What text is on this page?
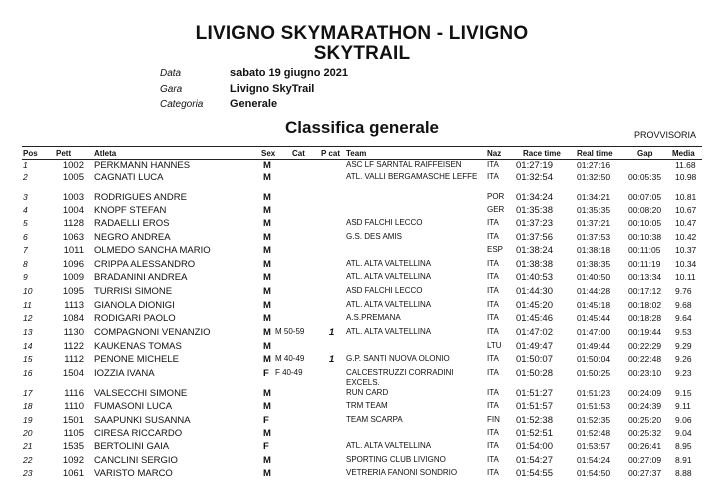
LIVIGNO SKYMARATHON - LIVIGNO
SKYTRAIL
Data	sabato 19 giugno 2021
Gara	Livigno SkyTrail
Categoria Generale
Classifica generale	PROVVISORIA
Pos Pett	Atleta	Sex Cat P cat Team	Naz	Race time Real time	Gap Media
1	1002 PERKMANN HANNES	M	ASC LF SARNTAL RAIFFEISEN	ITA 01:27:19	01:27:16	11.68
2	1005 CAGNATI LUCA	M	ATL. VALLI BERGAMASCHE LEFFE	ITA 01:32:54	01:32:50 00:05:35 10.98
3	1003 RODRIGUES ANDRE	M	POR 01:34:24	01:34:21 00:07:05 10.81
4	1004 KNOPF STEFAN	M	GER 01:35:38	01:35:35 00:08:20 10.67
5	1128 RADAELLI EROS	M	ASD FALCHI LECCO	ITA 01:37:23	01:37:21 00:10:05 10.47
6	1063 NEGRO ANDREA	M	G.S. DES AMIS	ITA 01:37:56	01:37:53 00:10:38 10.42
7	1011 OLMEDO SANCHA MARIO	M	ESP 01:38:24	01:38:18 00:11:05 10.37
8	1096 CRIPPA ALESSANDRO	M	ATL. ALTA VALTELLINA	ITA 01:38:38	01:38:35 00:11:19 10.34
9	1009 BRADANINI ANDREA	M	ATL. ALTA VALTELLINA	ITA 01:40:53	01:40:50 00:13:34 10.11
10	1095 TURRISI SIMONE	M	ASD FALCHI LECCO	ITA 01:44:30	01:44:28 00:17:12 9.76
11	1113 GIANOLA DIONIGI	M	ATL. ALTA VALTELLINA	ITA 01:45:20	01:45:18 00:18:02 9.68
12	1084 RODIGARI PAOLO	M	A.S.PREMANA	ITA 01:45:46	01:45:44 00:18:28 9.64
13	1130 COMPAGNONI VENANZIO	M M 50-59	1 ATL. ALTA VALTELLINA	ITA 01:47:02	01:47:00 00:19:44 9.53
14	1122 KAUKENAS TOMAS	M	LTU 01:49:47	01:49:44 00:22:29 9.29
15	1112 PENONE MICHELE	M M 40-49	1 G.P. SANTI NUOVA OLONIO	ITA 01:50:07	01:50:04 00:22:48 9.26
16	1504 IOZZIA IVANA	F F 40-49	CALCESTRUZZI CORRADINI EXCELS.
ITA 01:50:28	01:50:25 00:23:10 9.23
17	1116 VALSECCHI SIMONE	M	RUN CARD	ITA 01:51:27	01:51:23 00:24:09 9.15
18	1110 FUMASONI LUCA	M	TRM TEAM	ITA 01:51:57	01:51:53 00:24:39 9.11
19	1501 SAAPUNKI SUSANNA	F	TEAM SCARPA	FIN 01:52:38	01:52:35 00:25:20 9.06
20	1105 CIRESA RICCARDO	M	ITA 01:52:51	01:52:48 00:25:32 9.04
21	1535 BERTOLINI GAIA	F	ATL. ALTA VALTELLINA	ITA 01:54:00	01:53:57 00:26:41 8.95
22	1092 CANCLINI SERGIO	M	SPORTING CLUB LIVIGNO	ITA 01:54:27	01:54:24 00:27:09 8.91
23	1061 VARISTO MARCO	M	VETRERIA FANONI SONDRIO	ITA 01:54:55	01:54:50 00:27:37 8.88
